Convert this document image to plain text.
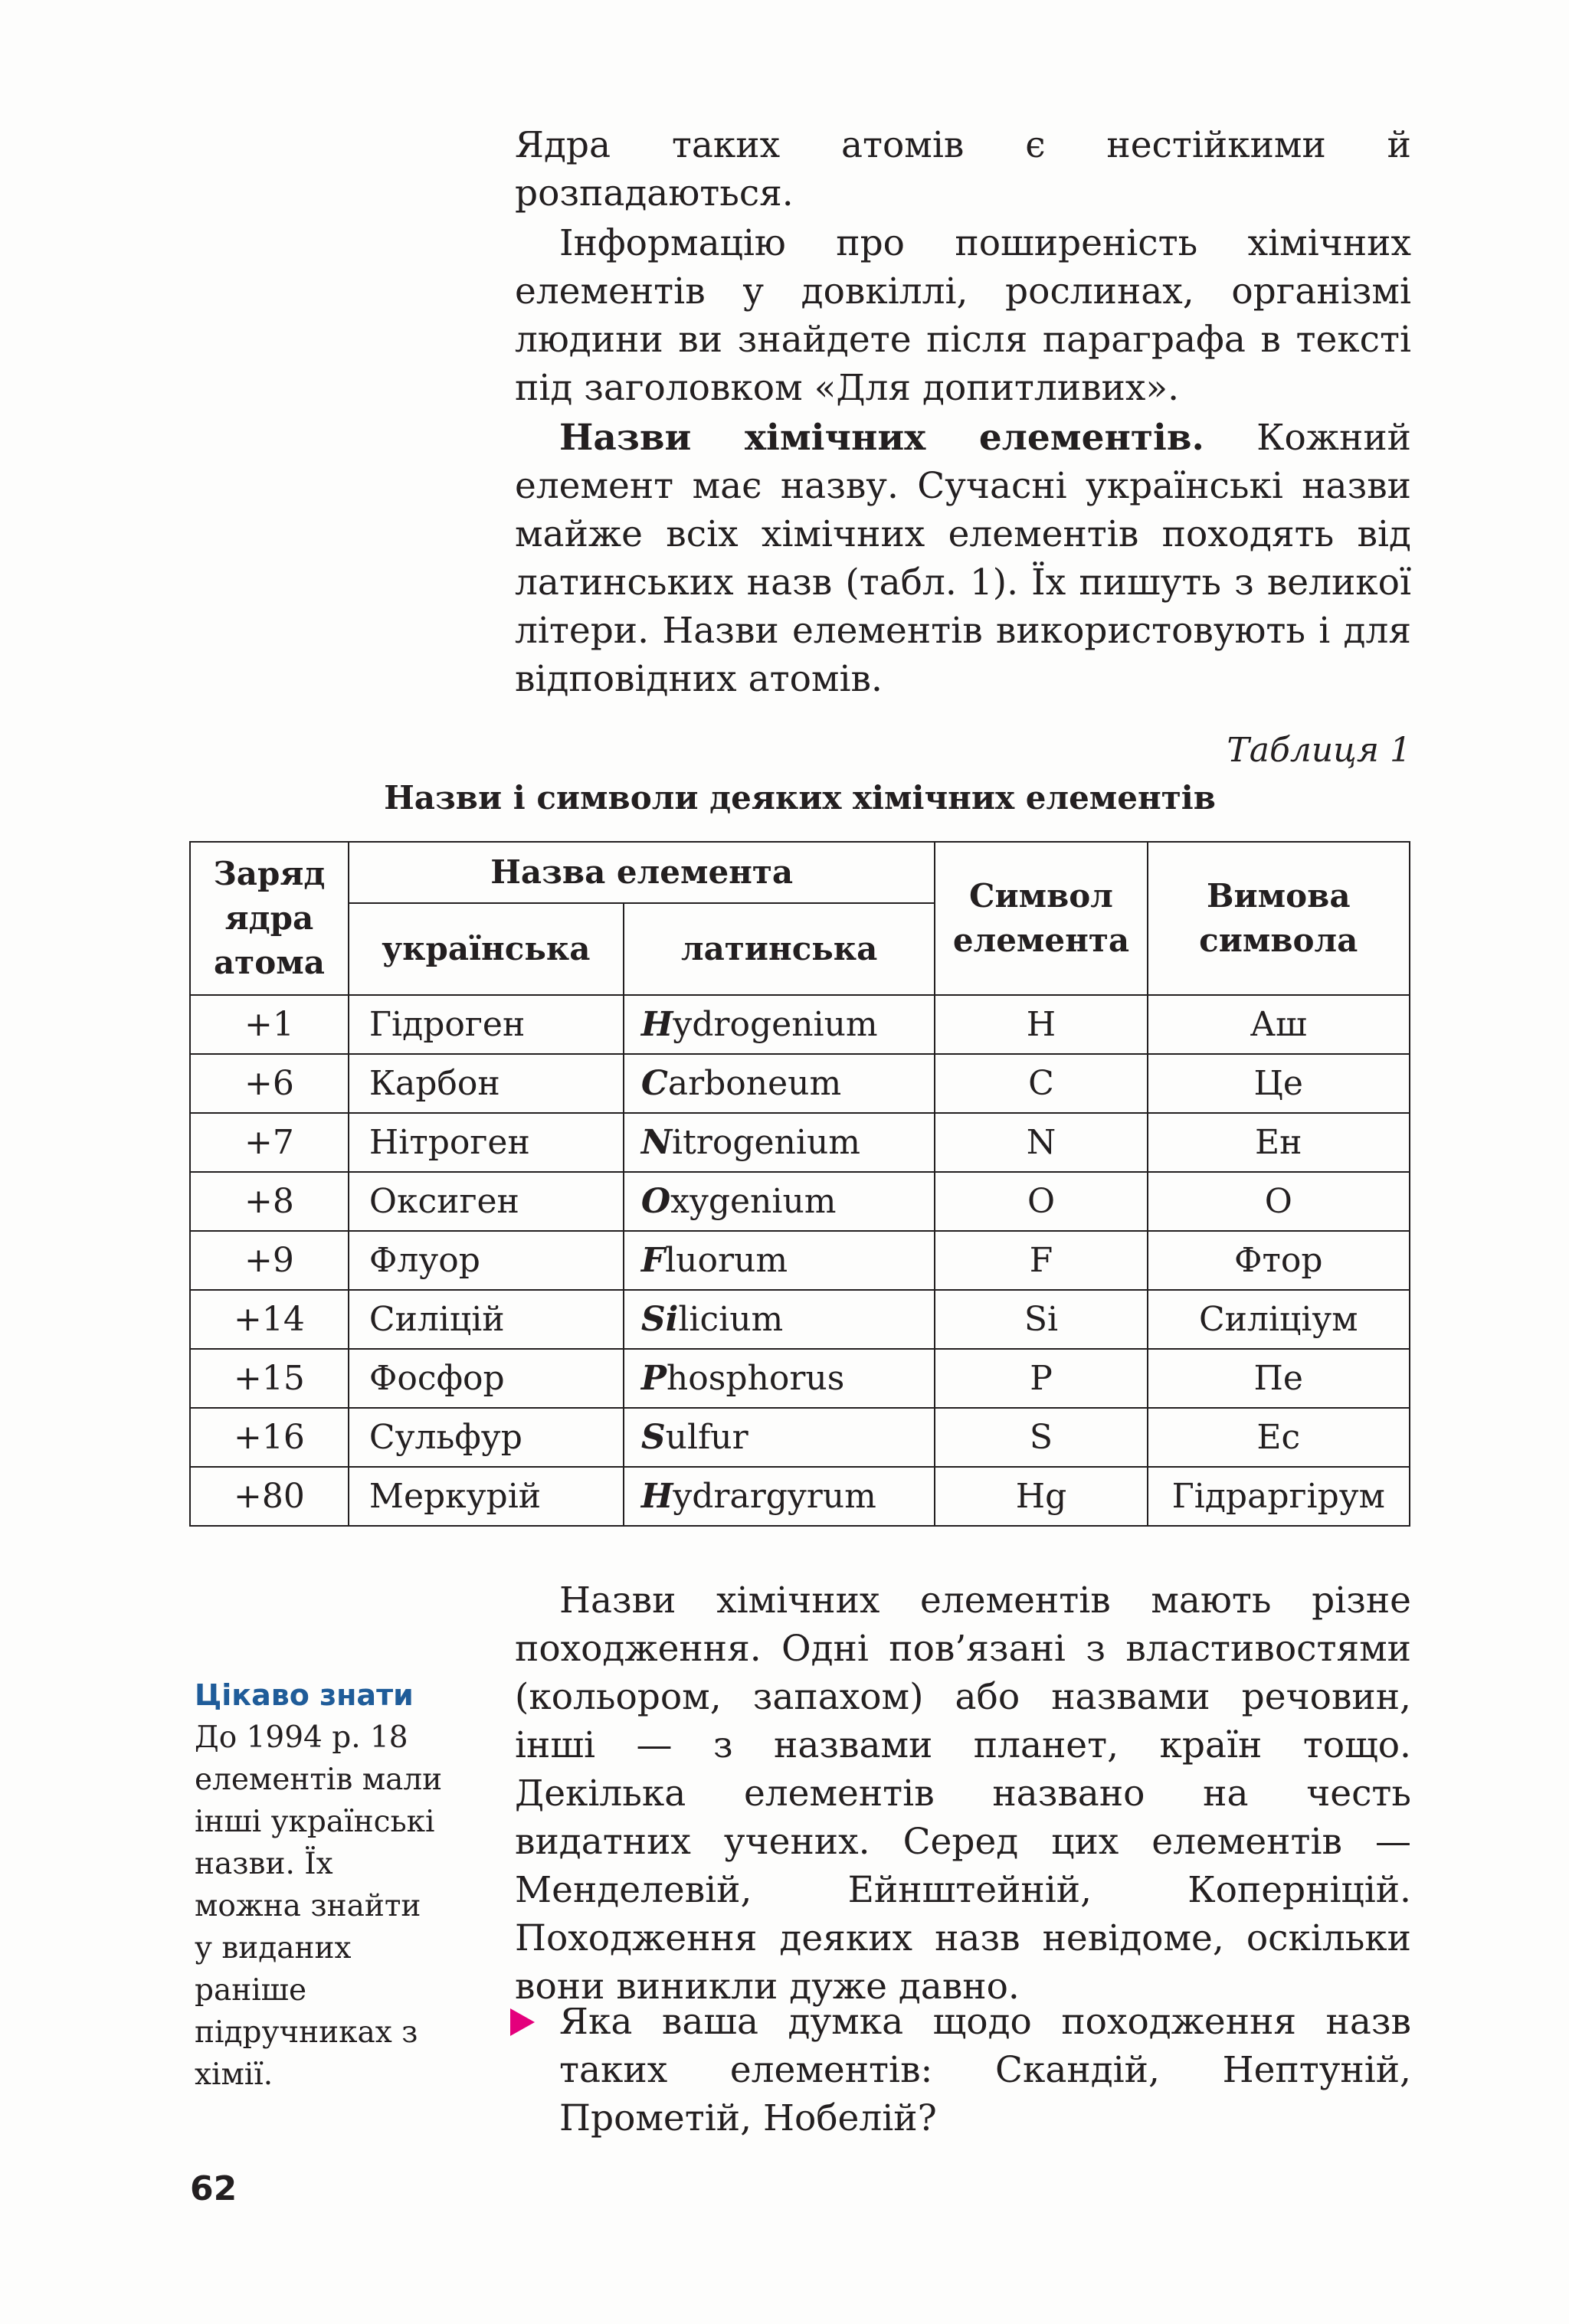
Ядра таких атомів є нестійкими й розпадаються.

Інформацію про поширеність хімічних елементів у довкіллі, рослинах, організмі людини ви знайдете після параграфа в тексті під заголовком «Для допитливих».

Назви хімічних елементів. Кожний елемент має назву. Сучасні українські назви майже всіх хімічних елементів походять від латинських назв (табл. 1). Їх пишуть з великої літери. Назви елементів використовують і для відповідних атомів.

Таблиця 1
Назви і символи деяких хімічних елементів
Заряд ядра атома	Назва елемента		Символ елемента	Вимова символа
	українська	латинська		
+1	Гідроген	Hydrogenium	H	Аш
+6	Карбон	Carboneum	C	Це
+7	Нітроген	Nitrogenium	N	Ен
+8	Оксиген	Oxygenium	O	О
+9	Флуор	Fluorum	F	Фтор
+14	Силіцій	Silicium	Si	Силіціум
+15	Фосфор	Phosphorus	P	Пе
+16	Сульфур	Sulfur	S	Ес
+80	Меркурій	Hydrargyrum	Hg	Гідраргірум
Цікаво знати
До 1994 р. 18 елементів мали інші українські назви. Їх можна знайти у виданих раніше підручниках з хімії.

Назви хімічних елементів мають різне походження. Одні пов’язані з властивостями (кольором, запахом) або назвами речовин, інші — з назвами планет, країн тощо. Декілька елементів названо на честь видатних учених. Серед цих елементів — Менделевій, Ейнштейній, Коперніцій. Походження деяких назв невідоме, оскільки вони виникли дуже давно.

Яка ваша думка щодо походження назв таких елементів: Скандій, Нептуній, Прометій, Нобелій?
62
